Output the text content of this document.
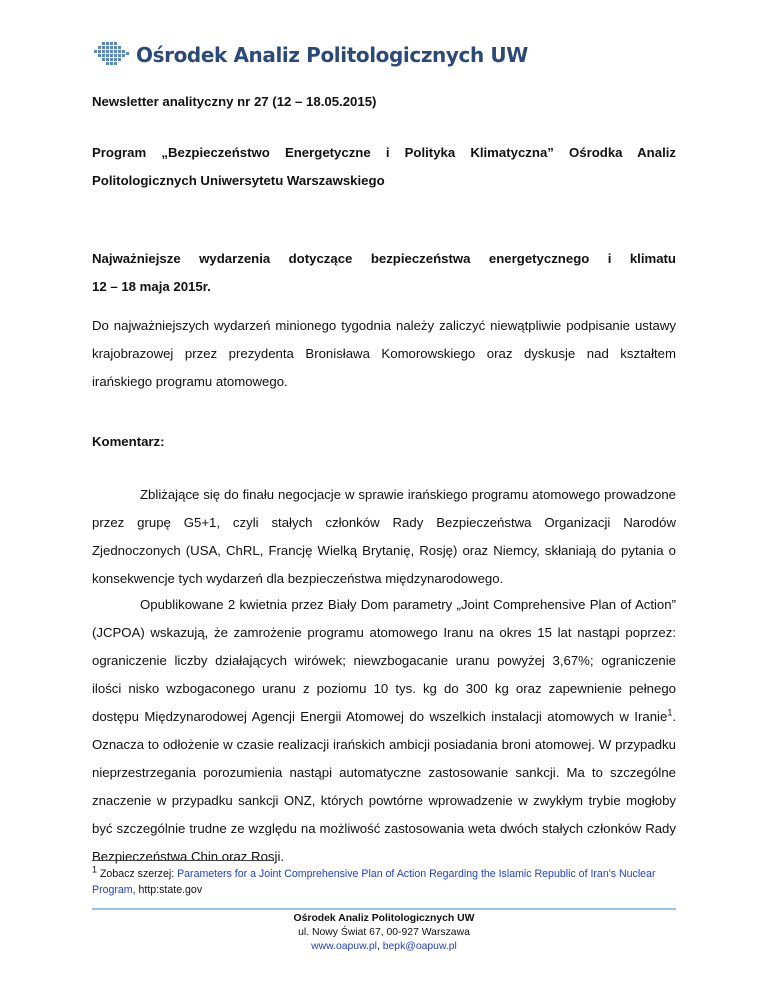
Ośrodek Analiz Politologicznych UW
Newsletter analityczny nr 27 (12 – 18.05.2015)

Program „Bezpieczeństwo Energetyczne i Polityka Klimatyczna” Ośrodka Analiz

Politologicznych Uniwersytetu Warszawskiego

Najważniejsze wydarzenia dotyczące bezpieczeństwa energetycznego i klimatu

12 – 18 maja 2015r.

Do najważniejszych wydarzeń minionego tygodnia należy zaliczyć niewątpliwie podpisanie ustawy krajobrazowej przez prezydenta Bronisława Komorowskiego oraz dyskusje nad kształtem irańskiego programu atomowego.
Komentarz:
Zbliżające się do finału negocjacje w sprawie irańskiego programu atomowego prowadzone przez grupę G5+1, czyli stałych członków Rady Bezpieczeństwa Organizacji Narodów Zjednoczonych (USA, ChRL, Francję Wielką Brytanię, Rosję) oraz Niemcy, skłaniają do pytania o konsekwencje tych wydarzeń dla bezpieczeństwa międzynarodowego.
Opublikowane 2 kwietnia przez Biały Dom parametry „Joint Comprehensive Plan of Action” (JCPOA) wskazują, że zamrożenie programu atomowego Iranu na okres 15 lat nastąpi poprzez: ograniczenie liczby działających wirówek; niewzbogacanie uranu powyżej 3,67%; ograniczenie ilości nisko wzbogaconego uranu z poziomu 10 tys. kg do 300 kg oraz zapewnienie pełnego dostępu Międzynarodowej Agencji Energii Atomowej do wszelkich instalacji atomowych w Iranie$^1$. Oznacza to odłożenie w czasie realizacji irańskich ambicji posiadania broni atomowej. W przypadku nieprzestrzegania porozumienia nastąpi automatyczne zastosowanie sankcji. Ma to szczególne znaczenie w przypadku sankcji ONZ, których powtórne wprowadzenie w zwykłym trybie mogłoby być szczególnie trudne ze względu na możliwość zastosowania weta dwóch stałych członków Rady Bezpieczeństwa Chin oraz Rosji.
$^1$ Zobacz szerzej: Parameters for a Joint Comprehensive Plan of Action Regarding the Islamic Republic of Iran's Nuclear Program, http:state.gov
Ośrodek Analiz Politologicznych UW
ul. Nowy Świat 67, 00-927 Warszawa
www.oapuw.pl, bepk@oapuw.pl
